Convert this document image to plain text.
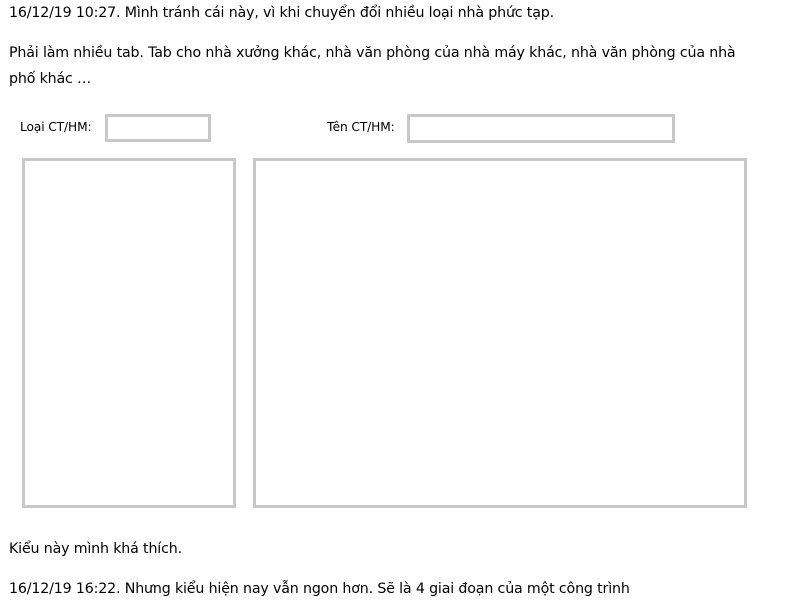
16/12/19 10:27. Mình tránh cái này, vì khi chuyển đổi nhiều loại nhà phức tạp.
Phải làm nhiều tab. Tab cho nhà xưởng khác, nhà văn phòng của nhà máy khác, nhà văn phòng của nhà
phố khác …
Loại CT/HM:	Tên CT/HM:
Kiểu này mình khá thích.
16/12/19 16:22. Nhưng kiểu hiện nay vẫn ngon hơn. Sẽ là 4 giai đoạn của một công trình
